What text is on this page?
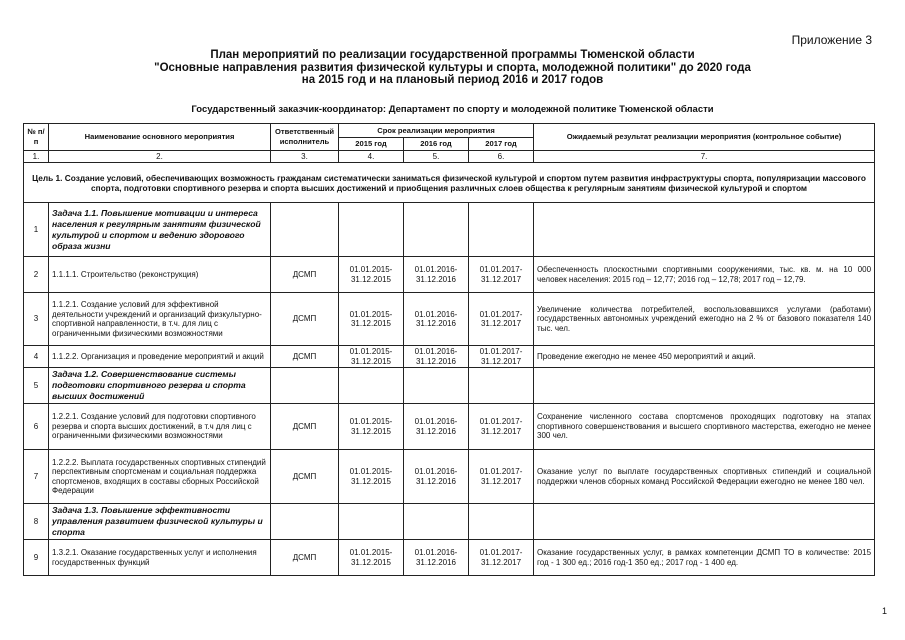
Приложение 3
План мероприятий по реализации государственной программы Тюменской области
"Основные направления развития физической культуры и спорта, молодежной политики" до 2020 года
на 2015 год и на плановый период 2016 и 2017 годов
Государственный заказчик-координатор: Департамент по спорту и молодежной политике Тюменской области
№ п/п	Наименование основного мероприятия	Ответственный исполнитель	Срок реализации мероприятия			Ожидаемый результат реализации мероприятия (контрольное событие)
			2015 год	2016 год	2017 год	
1.	2.	3.	4.	5.	6.	7.
Цель 1. Создание условий, обеспечивающих возможность гражданам систематически заниматься физической культурой и спортом путем развития инфраструктуры спорта, популяризации массового спорта, подготовки спортивного резерва и спорта высших достижений и приобщения различных слоев общества к регулярным занятиям физической культурой и спортом						
1	Задача 1.1. Повышение мотивации и интереса населения к регулярным занятиям физической культурой и спортом и ведению здорового образа жизни					
2	1.1.1.1. Строительство (реконструкция)	ДСМП	01.01.2015-31.12.2015	01.01.2016-31.12.2016	01.01.2017-31.12.2017	Обеспеченность плоскостными спортивными сооружениями, тыс. кв. м. на 10 000 человек населения: 2015 год – 12,77; 2016 год – 12,78; 2017 год – 12,79.
3	1.1.2.1. Создание условий для эффективной деятельности учреждений и организаций физкультурно-спортивной направленности, в т.ч. для лиц с ограниченными физическими возможностями	ДСМП	01.01.2015-31.12.2015	01.01.2016-31.12.2016	01.01.2017-31.12.2017	Увеличение количества потребителей, воспользовавшихся услугами (работами) государственных автономных учреждений ежегодно на 2 % от базового показателя 140 тыс. чел.
4	1.1.2.2. Организация и проведение мероприятий и акций	ДСМП	01.01.2015-31.12.2015	01.01.2016-31.12.2016	01.01.2017-31.12.2017	Проведение ежегодно не менее 450 мероприятий и акций.
5	Задача 1.2. Совершенствование системы подготовки спортивного резерва и спорта высших достижений					
6	1.2.2.1. Создание условий для подготовки спортивного резерва и спорта высших достижений, в т.ч для лиц с ограниченными физическими возможностями	ДСМП	01.01.2015-31.12.2015	01.01.2016-31.12.2016	01.01.2017-31.12.2017	Сохранение численного состава спортсменов проходящих подготовку на этапах спортивного совершенствования и высшего спортивного мастерства, ежегодно не менее 300 чел.
7	1.2.2.2. Выплата государственных спортивных стипендий перспективным спортсменам и социальная поддержка спортсменов, входящих в составы сборных Российской Федерации	ДСМП	01.01.2015-31.12.2015	01.01.2016-31.12.2016	01.01.2017-31.12.2017	Оказание услуг по выплате государственных спортивных стипендий и социальной поддержки членов сборных команд Российской Федерации ежегодно не менее 180 чел.
8	Задача 1.3. Повышение эффективности управления развитием физической культуры и спорта					
9	1.3.2.1. Оказание государственных услуг и исполнения государственных функций	ДСМП	01.01.2015-31.12.2015	01.01.2016-31.12.2016	01.01.2017-31.12.2017	Оказание государственных услуг, в рамках компетенции ДСМП ТО в количестве: 2015 год - 1 300 ед.; 2016 год-1 350 ед.; 2017 год - 1 400 ед.
1
